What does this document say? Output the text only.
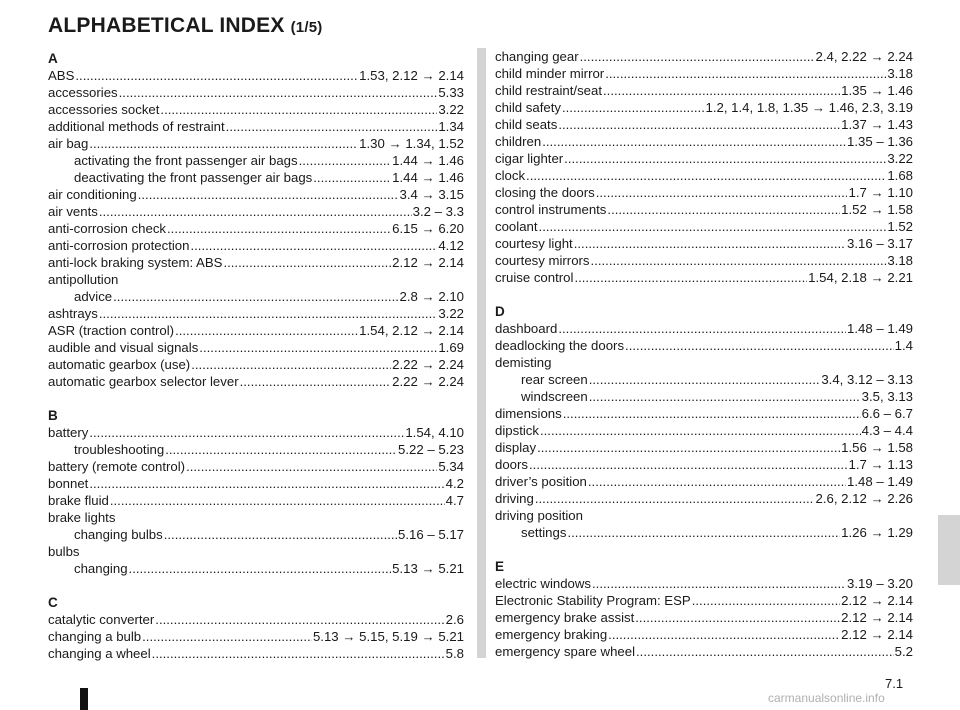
ALPHABETICAL INDEX (1/5)
A
ABS .....	1.53, 2.12 → 2.14
accessories .....	5.33
accessories socket .....	3.22
additional methods of restraint .....	1.34
air bag .....	1.30 → 1.34, 1.52
activating the front passenger air bags .....	1.44 → 1.46
deactivating the front passenger air bags .....	1.44 → 1.46
air conditioning .....	3.4 → 3.15
air vents .....	3.2 – 3.3
anti-corrosion check .....	6.15 → 6.20
anti-corrosion protection .....	4.12
anti-lock braking system: ABS .....	2.12 → 2.14
antipollution
advice .....	2.8 → 2.10
ashtrays .....	3.22
ASR (traction control) .....	1.54, 2.12 → 2.14
audible and visual signals .....	1.69
automatic gearbox (use) .....	2.22 → 2.24
automatic gearbox selector lever .....	2.22 → 2.24
B
battery .....	1.54, 4.10
troubleshooting .....	5.22 – 5.23
battery (remote control) .....	5.34
bonnet .....	4.2
brake fluid .....	4.7
brake lights
changing bulbs .....	5.16 – 5.17
bulbs
changing .....	5.13 → 5.21
C
catalytic converter .....	2.6
changing a bulb .....	5.13 → 5.15, 5.19 → 5.21
changing a wheel .....	5.8
changing gear .....	2.4, 2.22 → 2.24
child minder mirror .....	3.18
child restraint/seat .....	1.35 → 1.46
child safety .....	1.2, 1.4, 1.8, 1.35 → 1.46, 2.3, 3.19
child seats .....	1.37 → 1.43
children .....	1.35 – 1.36
cigar lighter .....	3.22
clock .....	1.68
closing the doors .....	1.7 → 1.10
control instruments .....	1.52 → 1.58
coolant .....	1.52
courtesy light .....	3.16 – 3.17
courtesy mirrors .....	3.18
cruise control .....	1.54, 2.18 → 2.21
D
dashboard .....	1.48 – 1.49
deadlocking the doors .....	1.4
demisting
rear screen .....	3.4, 3.12 – 3.13
windscreen .....	3.5, 3.13
dimensions .....	6.6 – 6.7
dipstick .....	4.3 – 4.4
display .....	1.56 → 1.58
doors .....	1.7 → 1.13
driver’s position .....	1.48 – 1.49
driving .....	2.6, 2.12 → 2.26
driving position
settings .....	1.26 → 1.29
E
electric windows .....	3.19 – 3.20
Electronic Stability Program: ESP .....	2.12 → 2.14
emergency brake assist .....	2.12 → 2.14
emergency braking .....	2.12 → 2.14
emergency spare wheel .....	5.2
7.1
carmanualsonline.info
